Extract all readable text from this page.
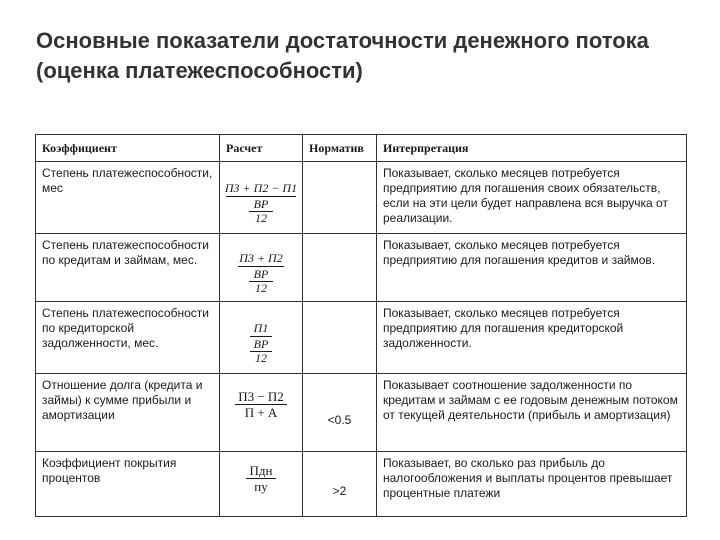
Основные показатели достаточности денежного потока (оценка платежеспособности)
Коэффициент	Расчет	Норматив	Интерпретация
Степень платежеспособности, мес	П3 + П2 − П1
BP
12		Показывает, сколько месяцев потребуется предприятию для погашения своих обязательств, если на эти цели будет направлена вся выручка от реализации.
Степень платежеспособности по кредитам и займам, мес.	П3 + П2
BP
12		Показывает, сколько месяцев потребуется предприятию для погашения кредитов и займов.
Степень платежеспособности по кредиторской задолженности, мес.	П1
BP
12		Показывает, сколько месяцев потребуется предприятию для погашения кредиторской задолженности.
Отношение долга (кредита и займы) к сумме прибыли и амортизации	П3 − П2
П + А	<0.5	Показывает соотношение задолженности по кредитам и займам с ее годовым денежным потоком от текущей деятельности (прибыль и амортизация)
Коэффициент покрытия процентов	Пдн
пу	>2	Показывает, во сколько раз прибыль до налогообложения и выплаты процентов превышает процентные платежи
